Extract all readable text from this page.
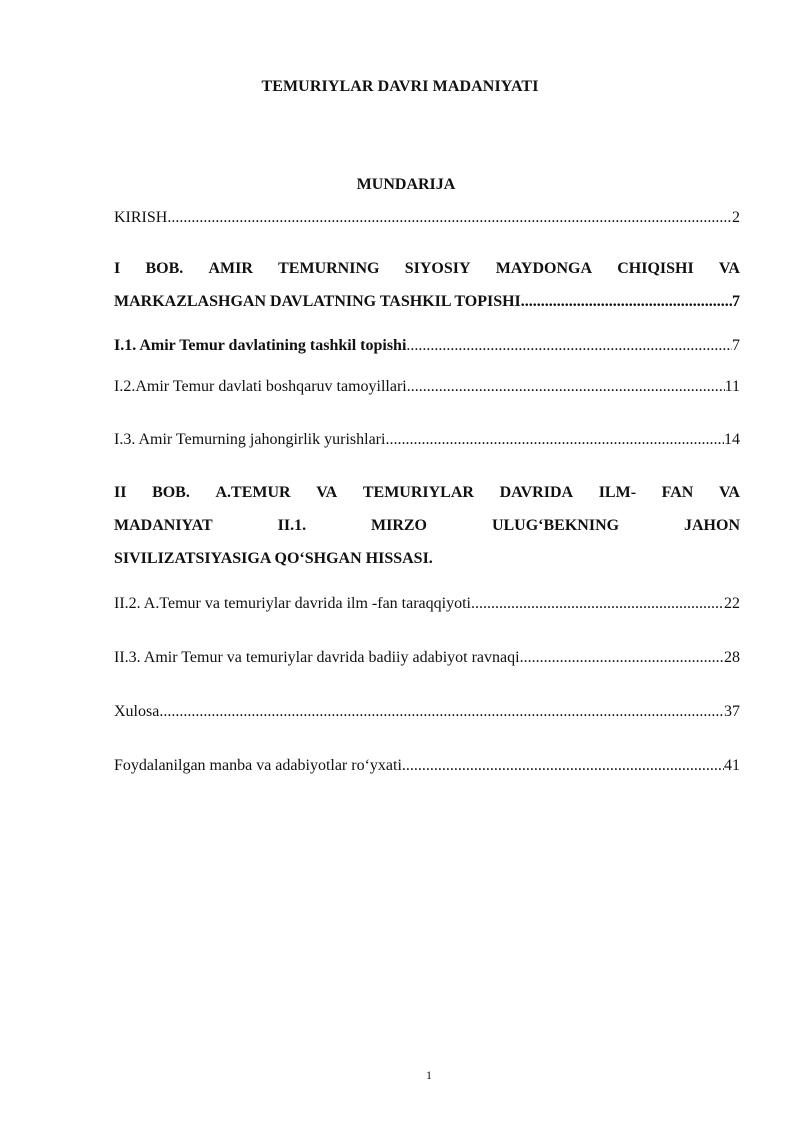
TEMURIYLAR DAVRI MADANIYATI
MUNDARIJA
KIRISH .....	2
I BOB. AMIR TEMURNING SIYOSIY MAYDONGA CHIQISHI VA
MARKAZLASHGAN DAVLATNING TASHKIL TOPISHI .....	7
I.1. Amir Temur davlatining tashkil topishi .....	7
I.2.Amir Temur davlati boshqaruv tamoyillari .....	11
I.3. Amir Temurning jahongirlik yurishlari .....	14
II BOB. A.TEMUR VA TEMURIYLAR DAVRIDA ILM- FAN VA
MADANIYAT	II.1.	MIRZO	ULUG‘BEKNING	JAHON
SIVILIZATSIYASIGA QO‘SHGAN HISSASI.
II.2. A.Temur va temuriylar davrida ilm -fan taraqqiyoti .....	22
II.3. Amir Temur va temuriylar davrida badiiy adabiyot ravnaqi .....	28
Xulosa .....	37
Foydalanilgan manba va adabiyotlar ro‘yxati .....	41
1
